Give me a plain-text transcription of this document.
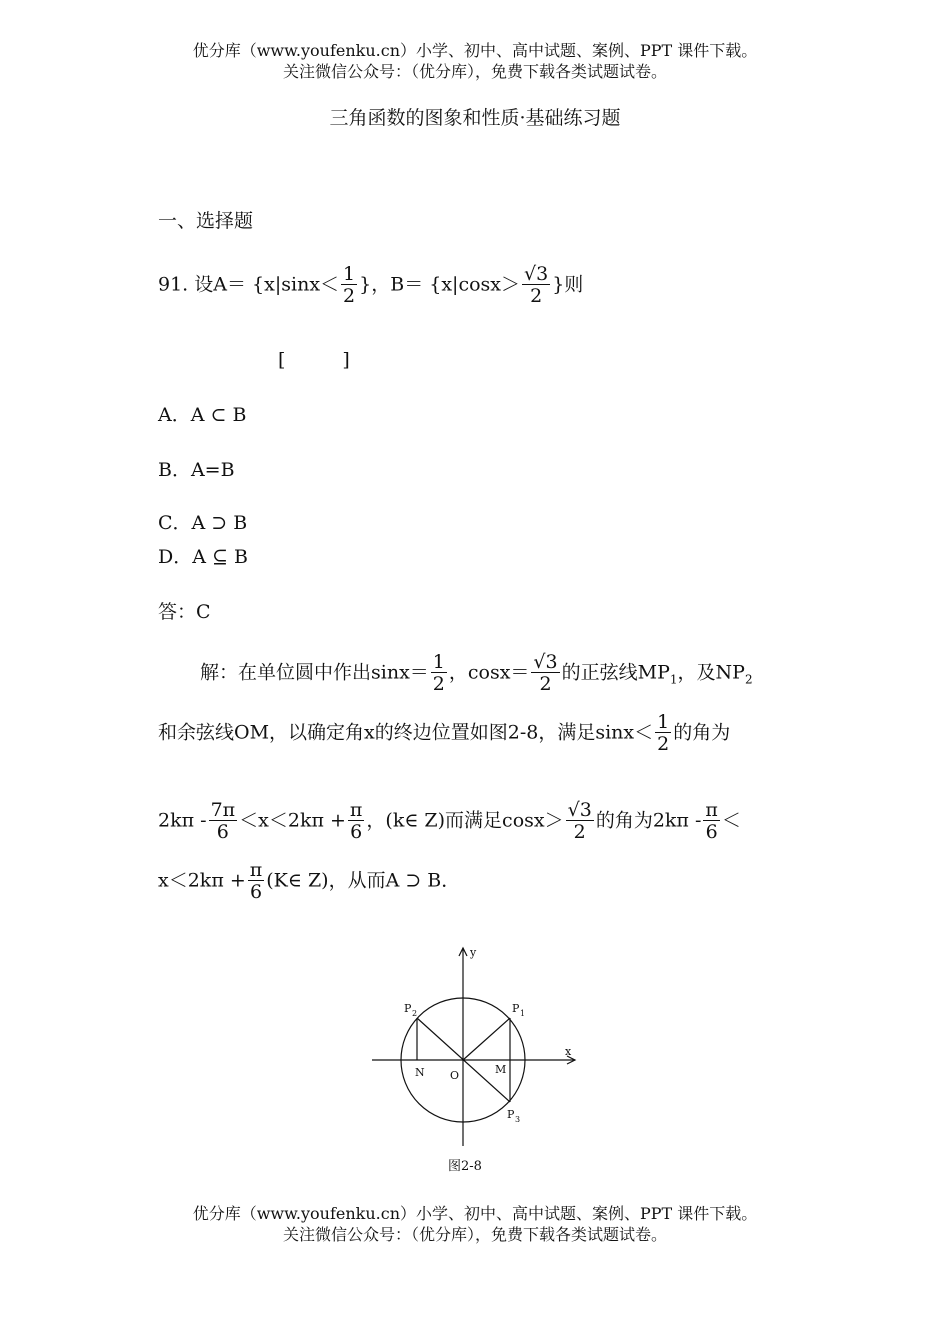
优分库（www.youfenku.cn）小学、初中、高中试题、案例、PPT 课件下载。
关注微信公众号：（优分库），免费下载各类试题试卷。
三角函数的图象和性质·基础练习题
一、选择题
91. 设$A= \{x|\sin x< \frac{1}{2}$ }，$B= \{x|\cos x> \frac{√3}{2}$ }则
[　　　]
A．A ⊂ B
B．A=B
C．A ⊃ B
D．A ⊆ B
答：C
解：在单位圆中作出$\sin x= \frac{1}{2}$ ，$\cos x= \frac{√3}{2}$ 的正弦线$MP_1$，及$NP_2$
和余弦线OM，以确定角x的终边位置如图2-8，满足$\sin x< \frac{1}{2}$ 的角为
$2k\pi - \frac{7\pi}{6} <x<2k\pi + \frac{\pi}{6}$ ，(k∈ Z)而满足$\cos x> \frac{√3}{2}$ 的角为$2k\pi - \frac{\pi}{6}$ ＜
$x<2k\pi + \frac{\pi}{6}$ (K∈ Z)，从而A ⊃ B．
x
y
O
N	M
P 2	P 1
P 3
图2-8
优分库（www.youfenku.cn）小学、初中、高中试题、案例、PPT 课件下载。
关注微信公众号：（优分库），免费下载各类试题试卷。
